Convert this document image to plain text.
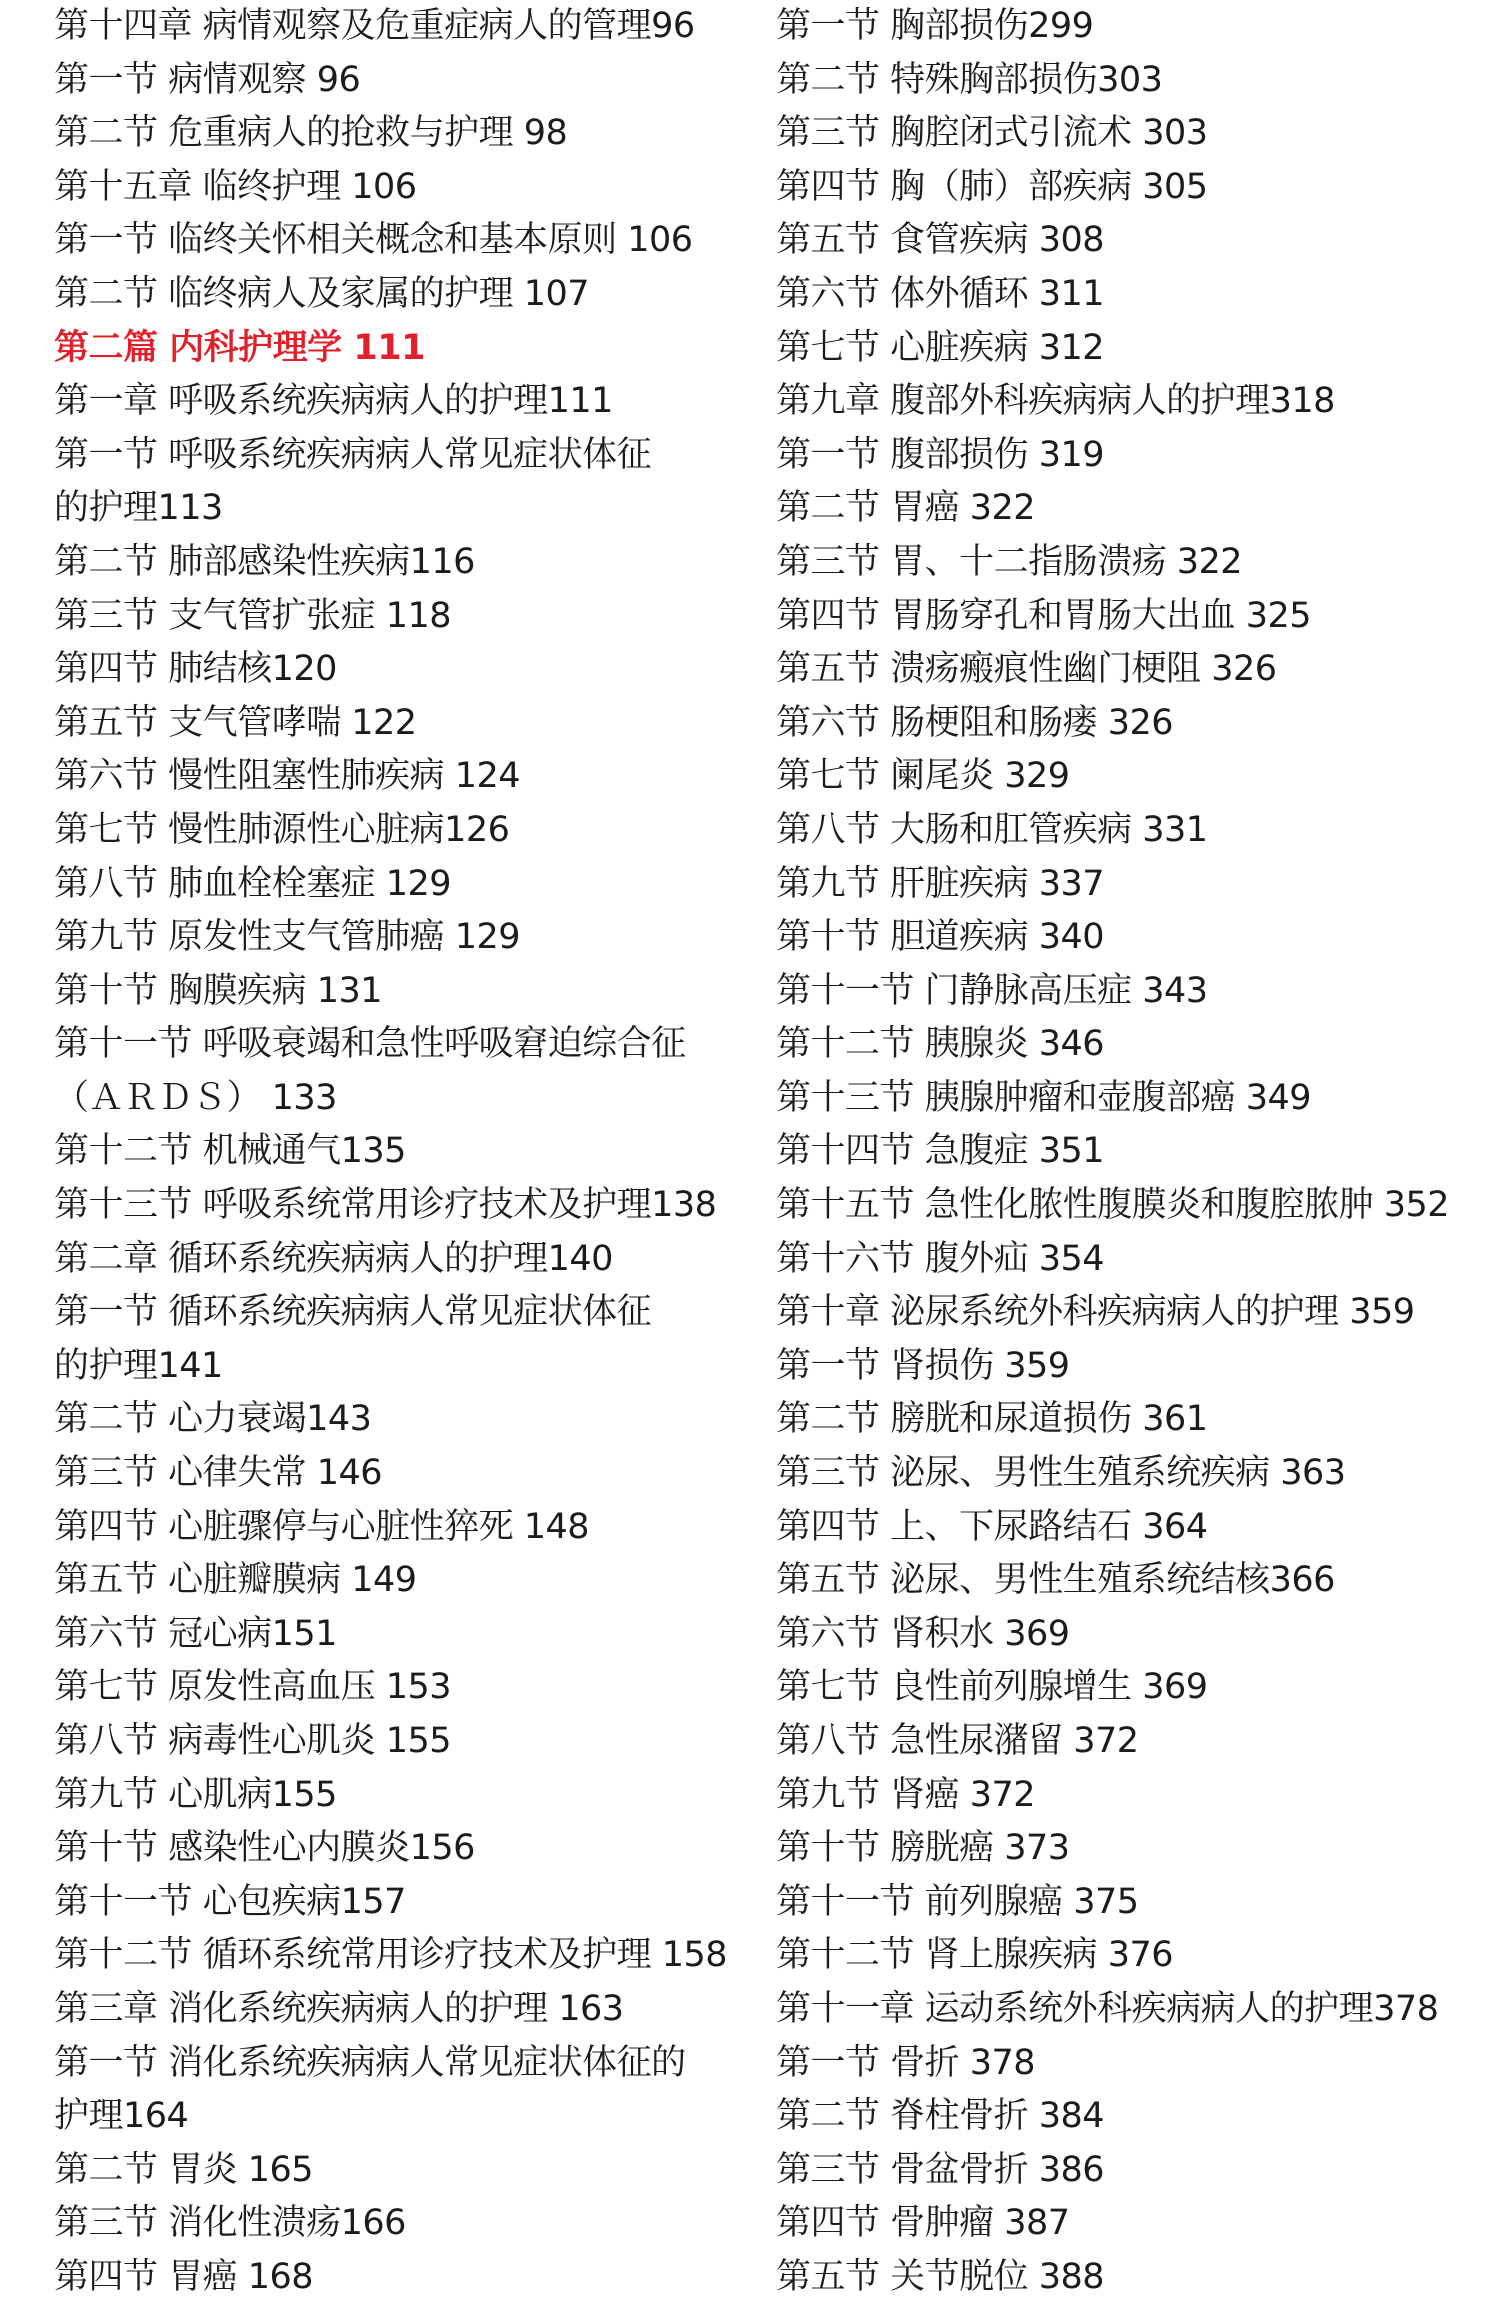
第十四章 病情观察及危重症病人的管理96
第一节 病情观察 96
第二节 危重病人的抢救与护理 98
第十五章 临终护理 106
第一节 临终关怀相关概念和基本原则 106
第二节 临终病人及家属的护理 107
第二篇 内科护理学 111
第一章 呼吸系统疾病病人的护理111
第一节 呼吸系统疾病病人常见症状体征
的护理113
第二节 肺部感染性疾病116
第三节 支气管扩张症 118
第四节 肺结核120
第五节 支气管哮喘 122
第六节 慢性阻塞性肺疾病 124
第七节 慢性肺源性心脏病126
第八节 肺血栓栓塞症 129
第九节 原发性支气管肺癌 129
第十节 胸膜疾病 131
第十一节 呼吸衰竭和急性呼吸窘迫综合征
（ＡＲＤＳ） 133
第十二节 机械通气135
第十三节 呼吸系统常用诊疗技术及护理138
第二章 循环系统疾病病人的护理140
第一节 循环系统疾病病人常见症状体征
的护理141
第二节 心力衰竭143
第三节 心律失常 146
第四节 心脏骤停与心脏性猝死 148
第五节 心脏瓣膜病 149
第六节 冠心病151
第七节 原发性高血压 153
第八节 病毒性心肌炎 155
第九节 心肌病155
第十节 感染性心内膜炎156
第十一节 心包疾病157
第十二节 循环系统常用诊疗技术及护理 158
第三章 消化系统疾病病人的护理 163
第一节 消化系统疾病病人常见症状体征的
护理164
第二节 胃炎 165
第三节 消化性溃疡166
第四节 胃癌 168
第一节 胸部损伤299
第二节 特殊胸部损伤303
第三节 胸腔闭式引流术 303
第四节 胸（肺）部疾病 305
第五节 食管疾病 308
第六节 体外循环 311
第七节 心脏疾病 312
第九章 腹部外科疾病病人的护理318
第一节 腹部损伤 319
第二节 胃癌 322
第三节 胃、十二指肠溃疡 322
第四节 胃肠穿孔和胃肠大出血 325
第五节 溃疡瘢痕性幽门梗阻 326
第六节 肠梗阻和肠瘘 326
第七节 阑尾炎 329
第八节 大肠和肛管疾病 331
第九节 肝脏疾病 337
第十节 胆道疾病 340
第十一节 门静脉高压症 343
第十二节 胰腺炎 346
第十三节 胰腺肿瘤和壶腹部癌 349
第十四节 急腹症 351
第十五节 急性化脓性腹膜炎和腹腔脓肿 352
第十六节 腹外疝 354
第十章 泌尿系统外科疾病病人的护理 359
第一节 肾损伤 359
第二节 膀胱和尿道损伤 361
第三节 泌尿、男性生殖系统疾病 363
第四节 上、下尿路结石 364
第五节 泌尿、男性生殖系统结核366
第六节 肾积水 369
第七节 良性前列腺增生 369
第八节 急性尿潴留 372
第九节 肾癌 372
第十节 膀胱癌 373
第十一节 前列腺癌 375
第十二节 肾上腺疾病 376
第十一章 运动系统外科疾病病人的护理378
第一节 骨折 378
第二节 脊柱骨折 384
第三节 骨盆骨折 386
第四节 骨肿瘤 387
第五节 关节脱位 388
